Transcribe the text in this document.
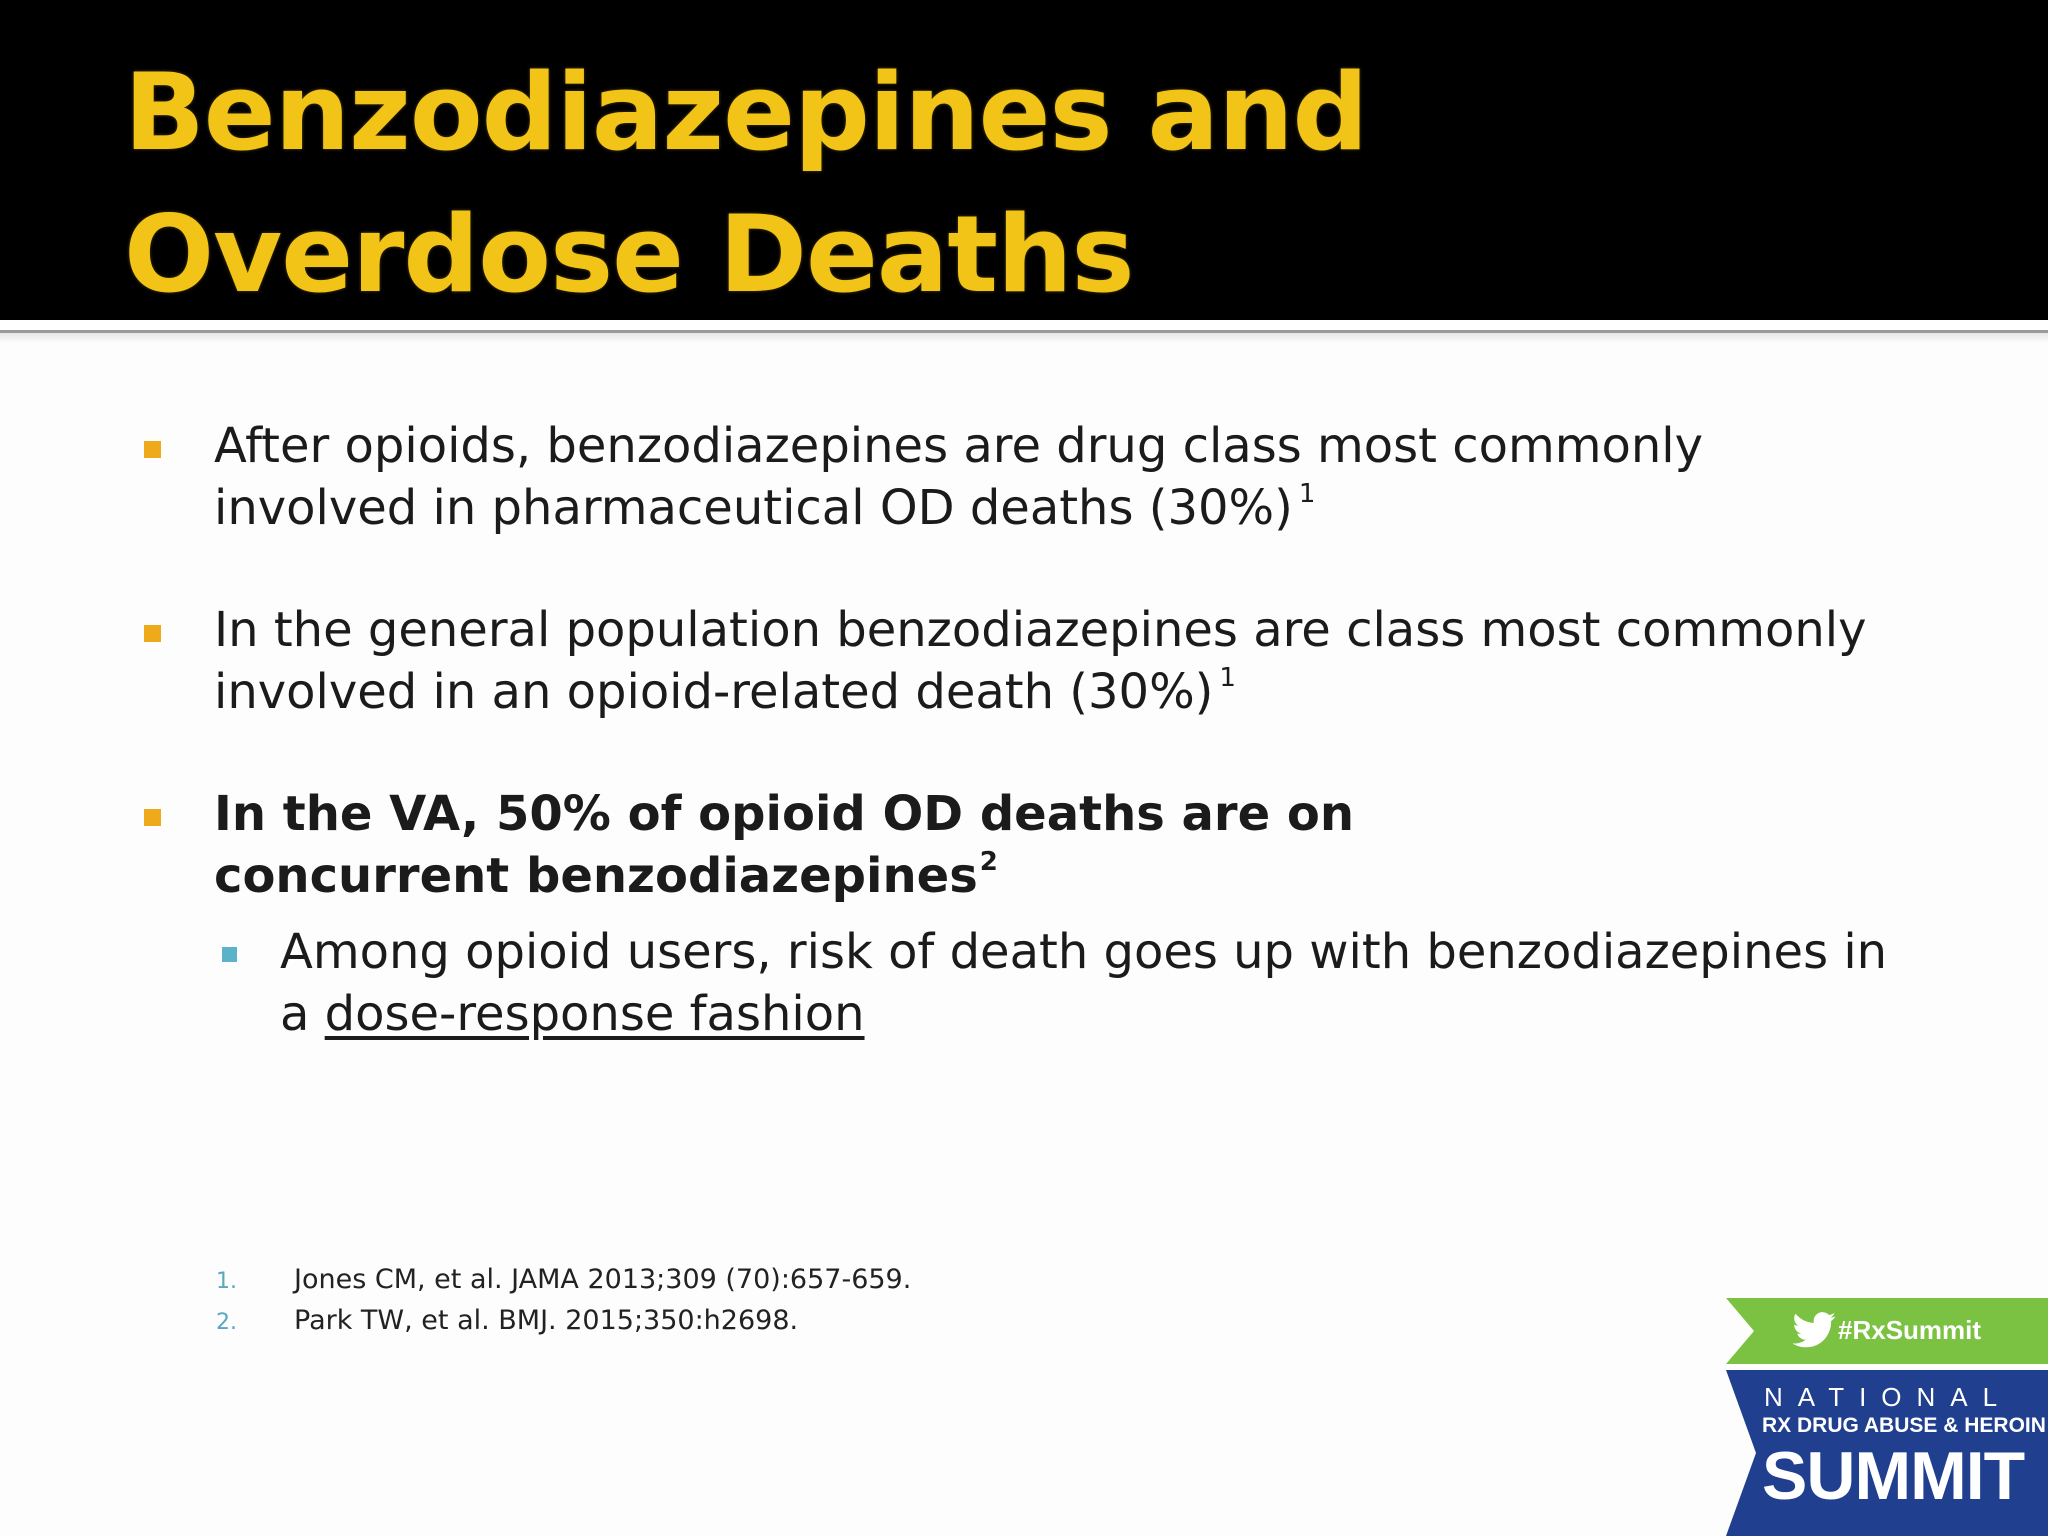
Benzodiazepines and Overdose Deaths
After opioids, benzodiazepines are drug class most commonly involved in pharmaceutical OD deaths (30%) $^1$
In the general population benzodiazepines are class most commonly involved in an opioid-related death (30%) $^1$
In the VA, 50% of opioid OD deaths are on concurrent benzodiazepines$^2$
Among opioid users, risk of death goes up with benzodiazepines in a dose-response fashion
1. Jones CM, et al. JAMA 2013;309 (70):657-659.
2. Park TW, et al. BMJ. 2015;350:h2698.	#RxSummit
NATIONAL
RX DRUG ABUSE & HEROIN
SUMMIT
